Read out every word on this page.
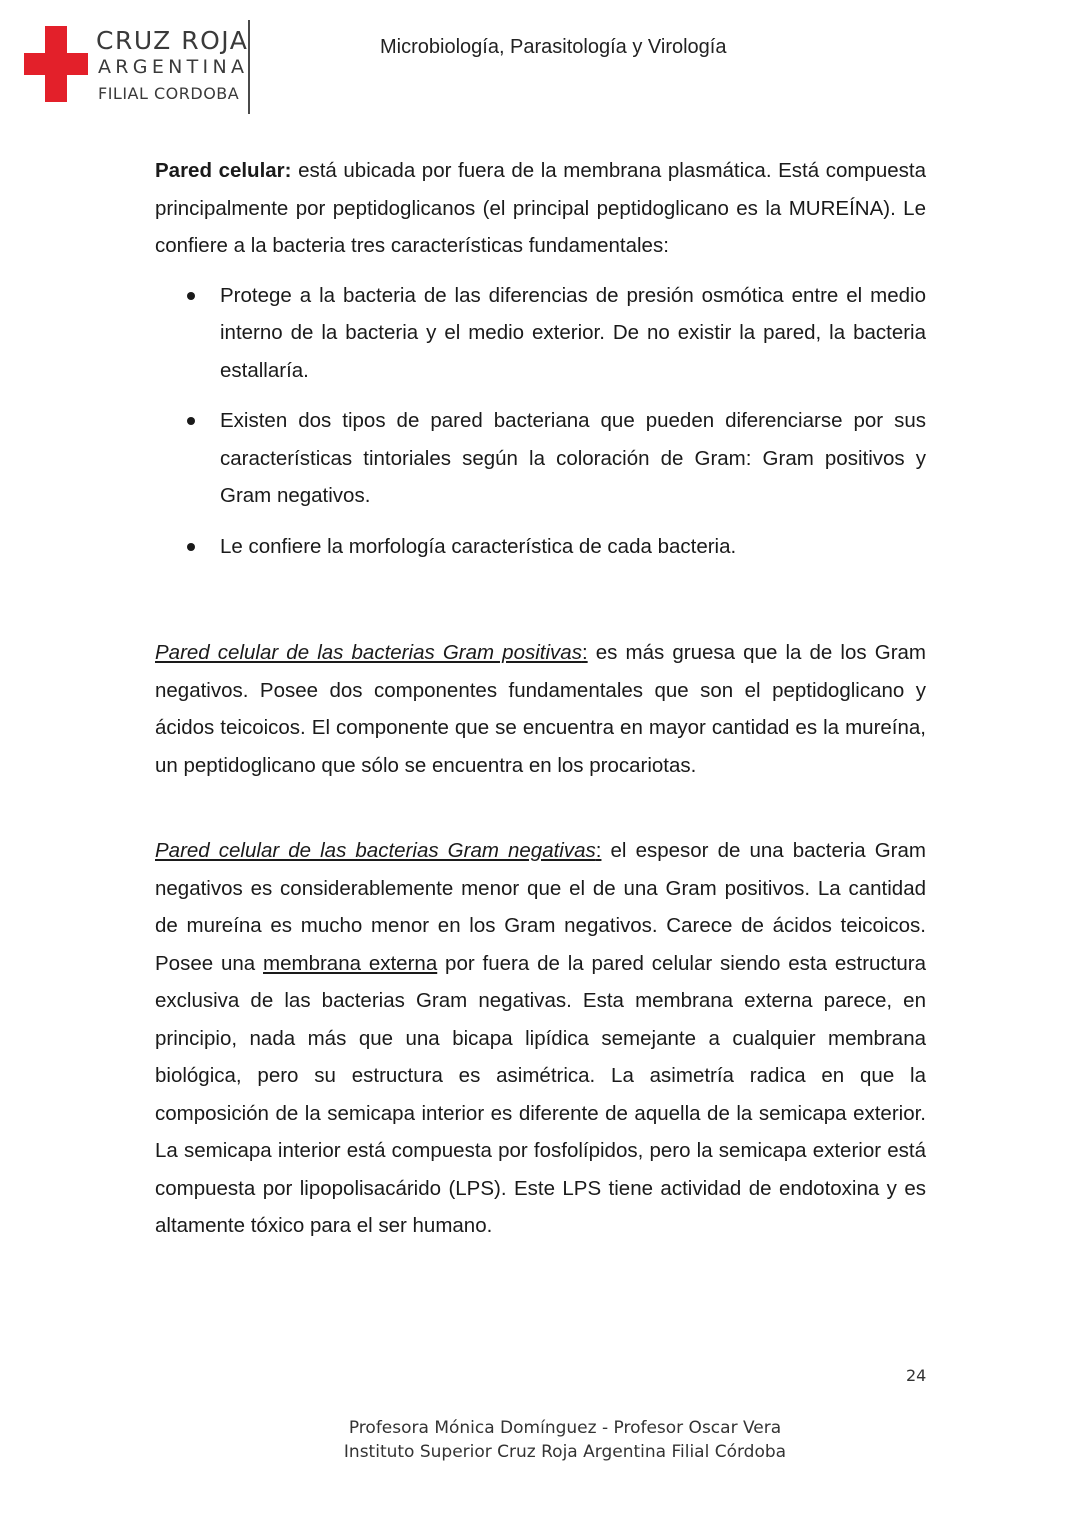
CRUZ ROJA
ARGENTINA
FILIAL CORDOBA
Microbiología, Parasitología y Virología

Pared celular: está ubicada por fuera de la membrana plasmática. Está compuesta principalmente por peptidoglicanos (el principal peptidoglicano es la MUREÍNA). Le confiere a la bacteria tres características fundamentales:

Protege a la bacteria de las diferencias de presión osmótica entre el medio interno de la bacteria y el medio exterior. De no existir la pared, la bacteria estallaría.
Existen dos tipos de pared bacteriana que pueden diferenciarse por sus características tintoriales según la coloración de Gram: Gram positivos y Gram negativos.
Le confiere la morfología característica de cada bacteria.

Pared celular de las bacterias Gram positivas: es más gruesa que la de los Gram negativos. Posee dos componentes fundamentales que son el peptidoglicano y ácidos teicoicos. El componente que se encuentra en mayor cantidad es la mureína, un peptidoglicano que sólo se encuentra en los procariotas.

Pared celular de las bacterias Gram negativas: el espesor de una bacteria Gram negativos es considerablemente menor que el de una Gram positivos. La cantidad de mureína es mucho menor en los Gram negativos. Carece de ácidos teicoicos. Posee una membrana externa por fuera de la pared celular siendo esta estructura exclusiva de las bacterias Gram negativas. Esta membrana externa parece, en principio, nada más que una bicapa lipídica semejante a cualquier membrana biológica, pero su estructura es asimétrica. La asimetría radica en que la composición de la semicapa interior es diferente de aquella de la semicapa exterior. La semicapa interior está compuesta por fosfolípidos, pero la semicapa exterior está compuesta por lipopolisacárido (LPS). Este LPS tiene actividad de endotoxina y es altamente tóxico para el ser humano.

24
Profesora Mónica Domínguez - Profesor Oscar Vera
Instituto Superior Cruz Roja Argentina Filial Córdoba
